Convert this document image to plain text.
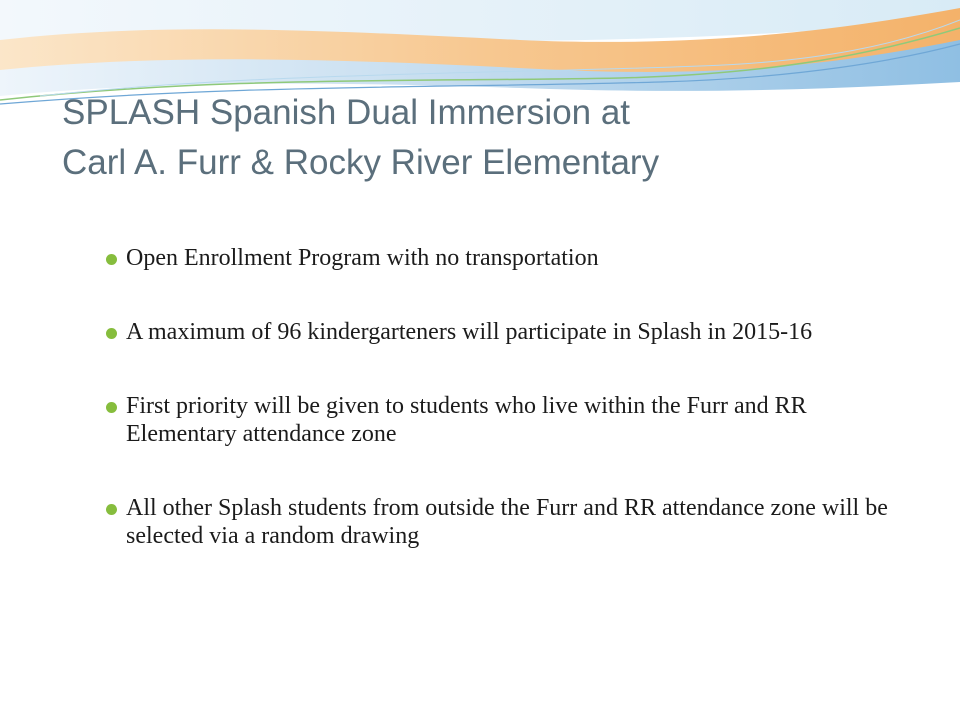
SPLASH Spanish Dual Immersion at
Carl A. Furr & Rocky River Elementary
Open Enrollment Program with no transportation
A maximum of 96 kindergarteners will participate in Splash in 2015-16
First priority will be given to students who live within the Furr and RR Elementary attendance zone
All other Splash students from outside the Furr and RR attendance zone will be selected via a random drawing
